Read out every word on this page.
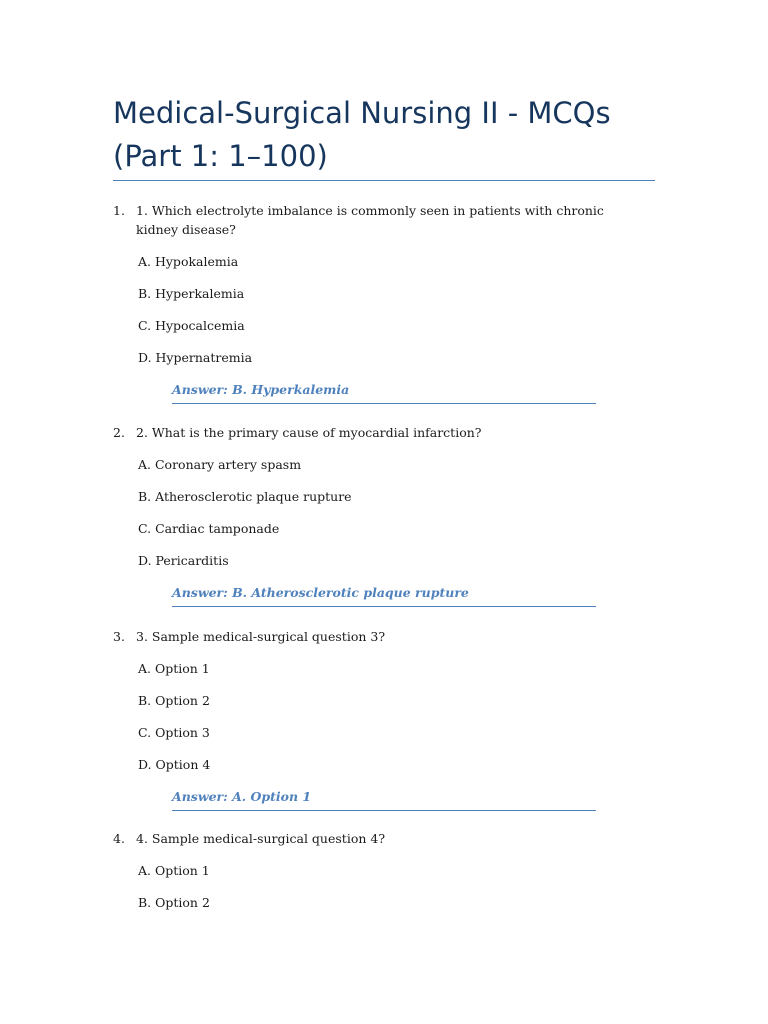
Medical-Surgical Nursing II - MCQs (Part 1: 1–100)
1. 1. Which electrolyte imbalance is commonly seen in patients with chronic kidney disease?

A. Hypokalemia

B. Hyperkalemia

C. Hypocalcemia

D. Hypernatremia

Answer: B. Hyperkalemia

2. 2. What is the primary cause of myocardial infarction?

A. Coronary artery spasm

B. Atherosclerotic plaque rupture

C. Cardiac tamponade

D. Pericarditis

Answer: B. Atherosclerotic plaque rupture

3. 3. Sample medical-surgical question 3?

A. Option 1

B. Option 2

C. Option 3

D. Option 4

Answer: A. Option 1

4. 4. Sample medical-surgical question 4?

A. Option 1

B. Option 2
